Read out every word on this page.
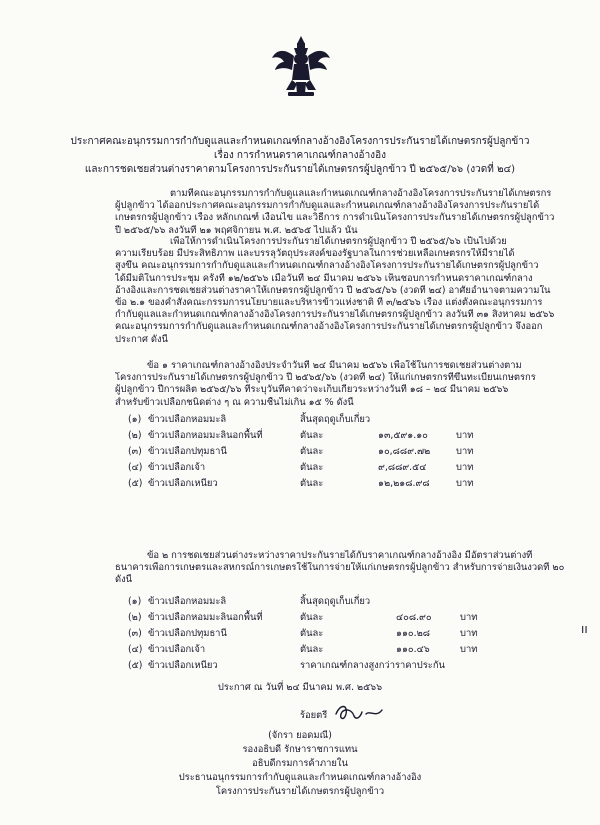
ประกาศคณะอนุกรรมการกำกับดูแลและกำหนดเกณฑ์กลางอ้างอิงโครงการประกันรายได้เกษตรกรผู้ปลูกข้าว
เรื่อง การกำหนดราคาเกณฑ์กลางอ้างอิง
และการชดเชยส่วนต่างราคาตามโครงการประกันรายได้เกษตรกรผู้ปลูกข้าว ปี ๒๕๖๕/๖๖ (งวดที่ ๒๔)

ตามที่คณะอนุกรรมการกำกับดูแลและกำหนดเกณฑ์กลางอ้างอิงโครงการประกันรายได้เกษตรกร
ผู้ปลูกข้าว ได้ออกประกาศคณะอนุกรรมการกำกับดูแลและกำหนดเกณฑ์กลางอ้างอิงโครงการประกันรายได้
เกษตรกรผู้ปลูกข้าว เรื่อง หลักเกณฑ์ เงื่อนไข และวิธีการ การดำเนินโครงการประกันรายได้เกษตรกรผู้ปลูกข้าว
ปี ๒๕๖๕/๖๖ ลงวันที่ ๒๑ พฤศจิกายน พ.ศ. ๒๕๖๕ ไปแล้ว นั้น

เพื่อให้การดำเนินโครงการประกันรายได้เกษตรกรผู้ปลูกข้าว ปี ๒๕๖๕/๖๖ เป็นไปด้วย
ความเรียบร้อย มีประสิทธิภาพ และบรรลุวัตถุประสงค์ของรัฐบาลในการช่วยเหลือเกษตรกรให้มีรายได้
สูงขึ้น คณะอนุกรรมการกำกับดูแลและกำหนดเกณฑ์กลางอ้างอิงโครงการประกันรายได้เกษตรกรผู้ปลูกข้าว
ได้มีมติในการประชุม ครั้งที่ ๑๒/๒๕๖๖ เมื่อวันที่ ๒๔ มีนาคม ๒๕๖๖ เห็นชอบการกำหนดราคาเกณฑ์กลาง
อ้างอิงและการชดเชยส่วนต่างราคาให้เกษตรกรผู้ปลูกข้าว ปี ๒๕๖๕/๖๖ (งวดที่ ๒๔) อาศัยอำนาจตามความใน
ข้อ ๒.๑ ของคำสั่งคณะกรรมการนโยบายและบริหารข้าวแห่งชาติ ที่ ๓/๒๕๖๖ เรื่อง แต่งตั้งคณะอนุกรรมการ
กำกับดูแลและกำหนดเกณฑ์กลางอ้างอิงโครงการประกันรายได้เกษตรกรผู้ปลูกข้าว ลงวันที่ ๓๑ สิงหาคม ๒๕๖๖
คณะอนุกรรมการกำกับดูแลและกำหนดเกณฑ์กลางอ้างอิงโครงการประกันรายได้เกษตรกรผู้ปลูกข้าว จึงออก
ประกาศ ดังนี้

ข้อ ๑ ราคาเกณฑ์กลางอ้างอิงประจำวันที่ ๒๔ มีนาคม ๒๕๖๖ เพื่อใช้ในการชดเชยส่วนต่างตาม
โครงการประกันรายได้เกษตรกรผู้ปลูกข้าว ปี ๒๕๖๕/๖๖ (งวดที่ ๒๔) ให้แก่เกษตรกรที่ขึ้นทะเบียนเกษตรกร
ผู้ปลูกข้าว ปีการผลิต ๒๕๖๕/๖๖ ที่ระบุวันที่คาดว่าจะเก็บเกี่ยวระหว่างวันที่ ๑๘ – ๒๔ มีนาคม ๒๕๖๖
สำหรับข้าวเปลือกชนิดต่าง ๆ ณ ความชื้นไม่เกิน ๑๕ % ดังนี้

(๑) ข้าวเปลือกหอมมะลิ	สิ้นสุดฤดูเก็บเกี่ยว
(๒) ข้าวเปลือกหอมมะลินอกพื้นที่	ตันละ	๑๓,๕๙๑.๑๐	บาท
(๓) ข้าวเปลือกปทุมธานี	ตันละ	๑๐,๘๘๙.๗๒	บาท
(๔) ข้าวเปลือกเจ้า	ตันละ	๙,๘๘๙.๕๔	บาท
(๕) ข้าวเปลือกเหนียว	ตันละ	๑๒,๒๑๘.๙๘	บาท

ข้อ ๒ การชดเชยส่วนต่างระหว่างราคาประกันรายได้กับราคาเกณฑ์กลางอ้างอิง มีอัตราส่วนต่างที่
ธนาคารเพื่อการเกษตรและสหกรณ์การเกษตรใช้ในการจ่ายให้แก่เกษตรกรผู้ปลูกข้าว สำหรับการจ่ายเงินงวดที่ ๒๐
ดังนี้

(๑) ข้าวเปลือกหอมมะลิ	สิ้นสุดฤดูเก็บเกี่ยว
(๒) ข้าวเปลือกหอมมะลินอกพื้นที่	ตันละ	๔๐๘.๙๐	บาท
(๓) ข้าวเปลือกปทุมธานี	ตันละ	๑๑๐.๒๘	บาท
(๔) ข้าวเปลือกเจ้า	ตันละ	๑๑๐.๔๖	บาท
(๕) ข้าวเปลือกเหนียว	ราคาเกณฑ์กลางสูงกว่าราคาประกัน
ıı
ประกาศ ณ วันที่ ๒๔ มีนาคม พ.ศ. ๒๕๖๖
ร้อยตรี
(จักรา ยอดมณี)
รองอธิบดี รักษาราชการแทน
อธิบดีกรมการค้าภายใน
ประธานอนุกรรมการกำกับดูแลและกำหนดเกณฑ์กลางอ้างอิง
โครงการประกันรายได้เกษตรกรผู้ปลูกข้าว
